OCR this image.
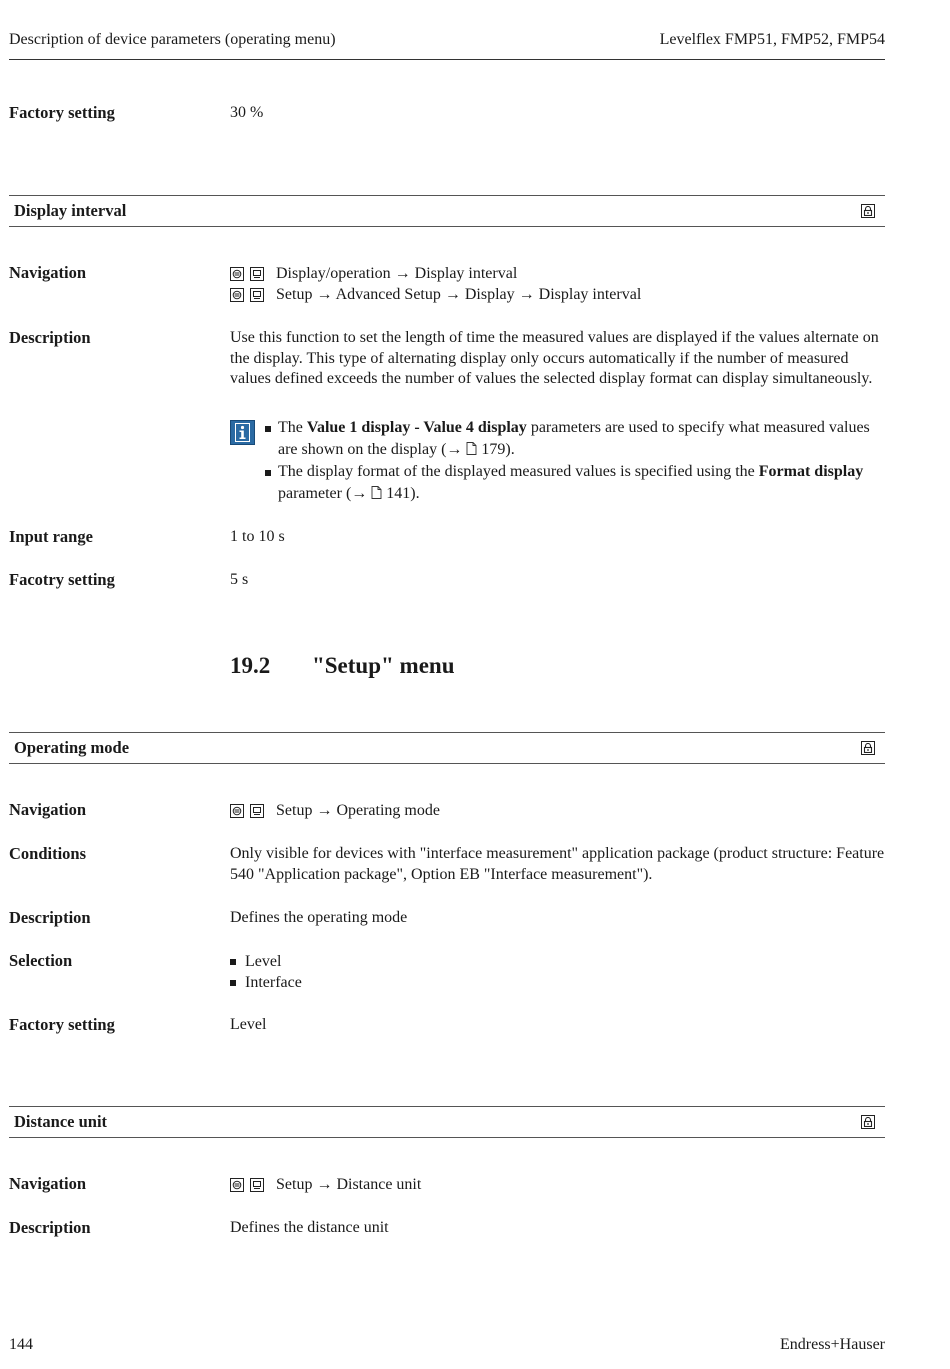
Description of device parameters (operating menu)	Levelflex FMP51, FMP52, FMP54
Factory setting	30 %
Display interval
Navigation	Display/operation → Display interval
Setup → Advanced Setup → Display → Display interval
Description	Use this function to set the length of time the measured values are displayed if the values alternate on the display. This type of alternating display only occurs automatically if the number of measured values defined exceeds the number of values the selected display format can display simultaneously.
The Value 1 display - Value 4 display parameters are used to specify what measured values are shown on the display (→  179).
The display format of the displayed measured values is specified using the Format display parameter (→  141).
Input range	1 to 10 s
Facotry setting	5 s
19.2 "Setup" menu
Operating mode
Navigation	Setup → Operating mode
Conditions	Only visible for devices with "interface measurement" application package (product structure: Feature 540 "Application package", Option EB "Interface measurement").
Description	Defines the operating mode
Selection	Level
Interface
Factory setting	Level
Distance unit
Navigation	Setup → Distance unit
Description	Defines the distance unit
144	Endress+Hauser
